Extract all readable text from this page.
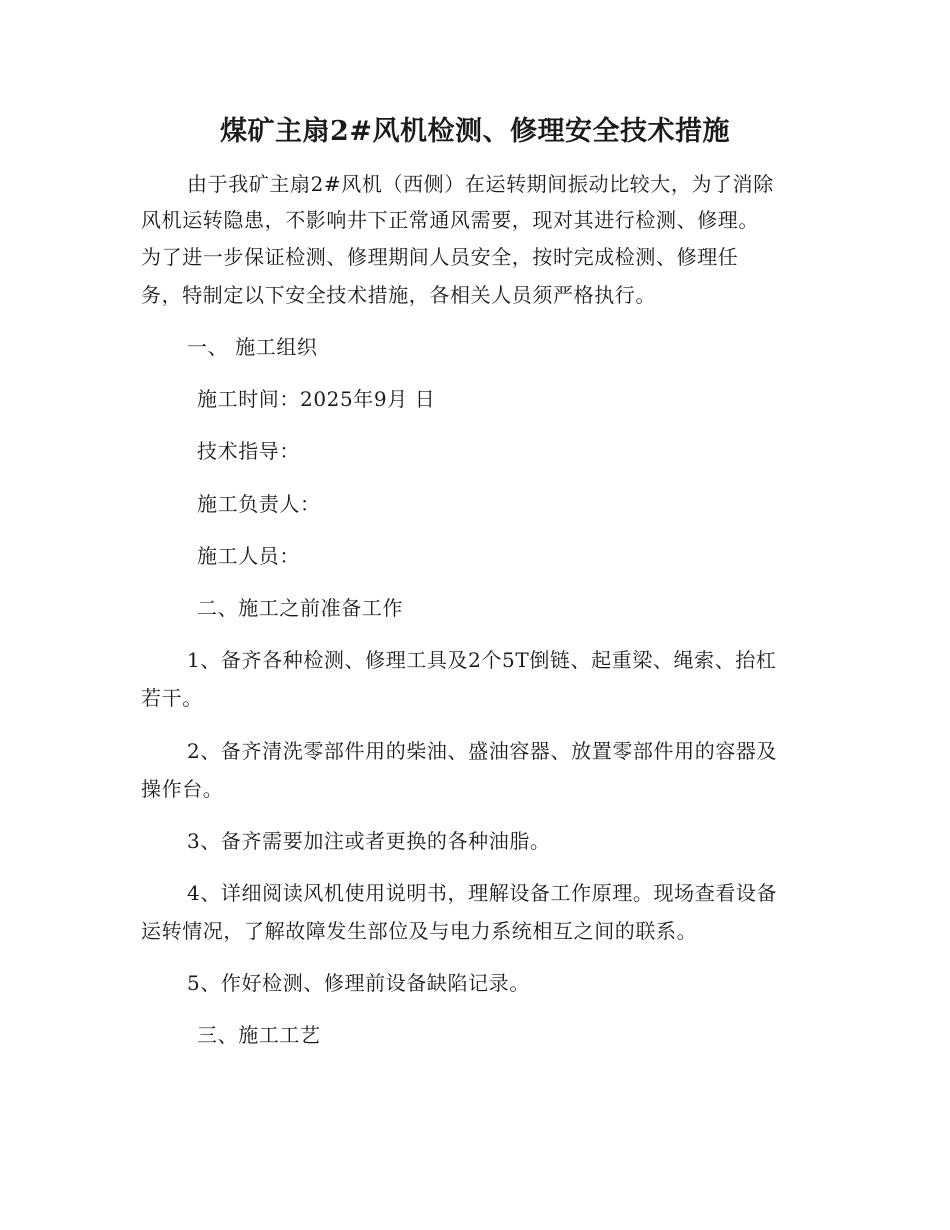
煤矿主扇2#风机检测、修理安全技术措施
由于我矿主扇2#风机（西侧）在运转期间振动比较大，为了消除
风机运转隐患，不影响井下正常通风需要，现对其进行检测、修理。
为了进一步保证检测、修理期间人员安全，按时完成检测、修理任
务，特制定以下安全技术措施，各相关人员须严格执行。
一、 施工组织
施工时间：2025年9月 日
技术指导：
施工负责人：
施工人员：
二、施工之前准备工作
1、备齐各种检测、修理工具及2个5T倒链、起重梁、绳索、抬杠
若干。
2、备齐清洗零部件用的柴油、盛油容器、放置零部件用的容器及
操作台。
3、备齐需要加注或者更换的各种油脂。
4、详细阅读风机使用说明书，理解设备工作原理。现场查看设备
运转情况，了解故障发生部位及与电力系统相互之间的联系。
5、作好检测、修理前设备缺陷记录。
三、施工工艺
